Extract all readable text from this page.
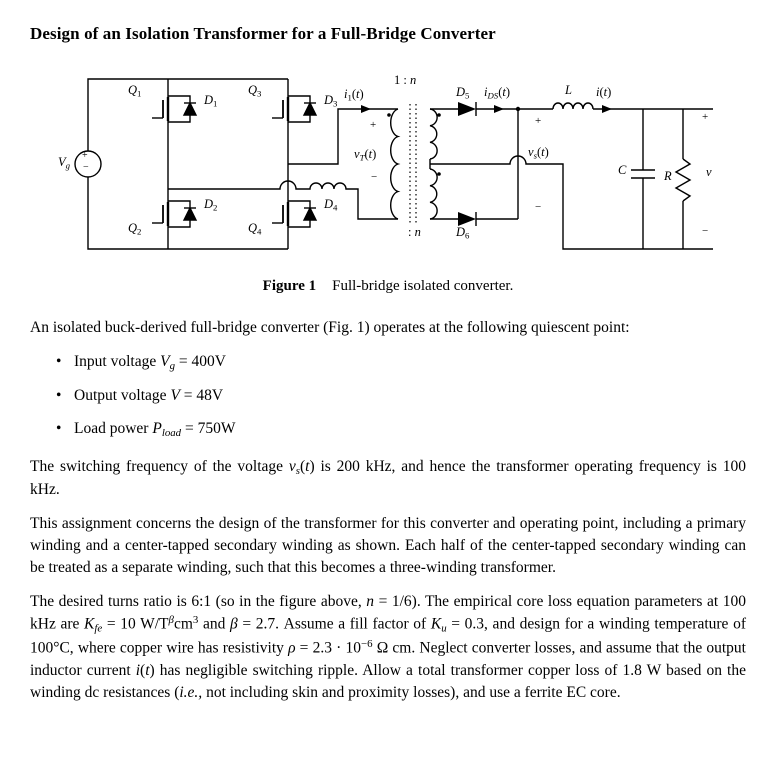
Design of an Isolation Transformer for a Full-Bridge Converter
Vg
+
−
Q1	D1
Q2
D2
Q3	D3
Q4
D4
i1(t)
1 : n
+
vT(t)
−
: n
D5 iDS(t)
D6
+
vs(t)
−
L i(t)
C	R
+
v
−

Figure 1 Full-bridge isolated converter.

An isolated buck-derived full-bridge converter (Fig. 1) operates at the following quiescent point:

• Input voltage Vg = 400V
• Output voltage V = 48V
• Load power Pload = 750W

The switching frequency of the voltage vs(t) is 200 kHz, and hence the transformer operating frequency is 100 kHz.

This assignment concerns the design of the transformer for this converter and operating point, including a primary winding and a center-tapped secondary winding as shown. Each half of the center-tapped secondary winding can be treated as a separate winding, such that this becomes a three-winding transformer.

The desired turns ratio is 6:1 (so in the figure above, n = 1/6). The empirical core loss equation parameters at 100 kHz are Kfe = 10 $W/T^\beta cm^3$ and β = 2.7. Assume a fill factor of Ku = 0.3, and design for a winding temperature of 100°C, where copper wire has resistivity $\rho = 2.3 \cdot 10^{-6}$ Ω cm. Neglect converter losses, and assume that the output inductor current i(t) has negligible switching ripple. Allow a total transformer copper loss of 1.8 W based on the winding dc resistances (i.e., not including skin and proximity losses), and use a ferrite EC core.
